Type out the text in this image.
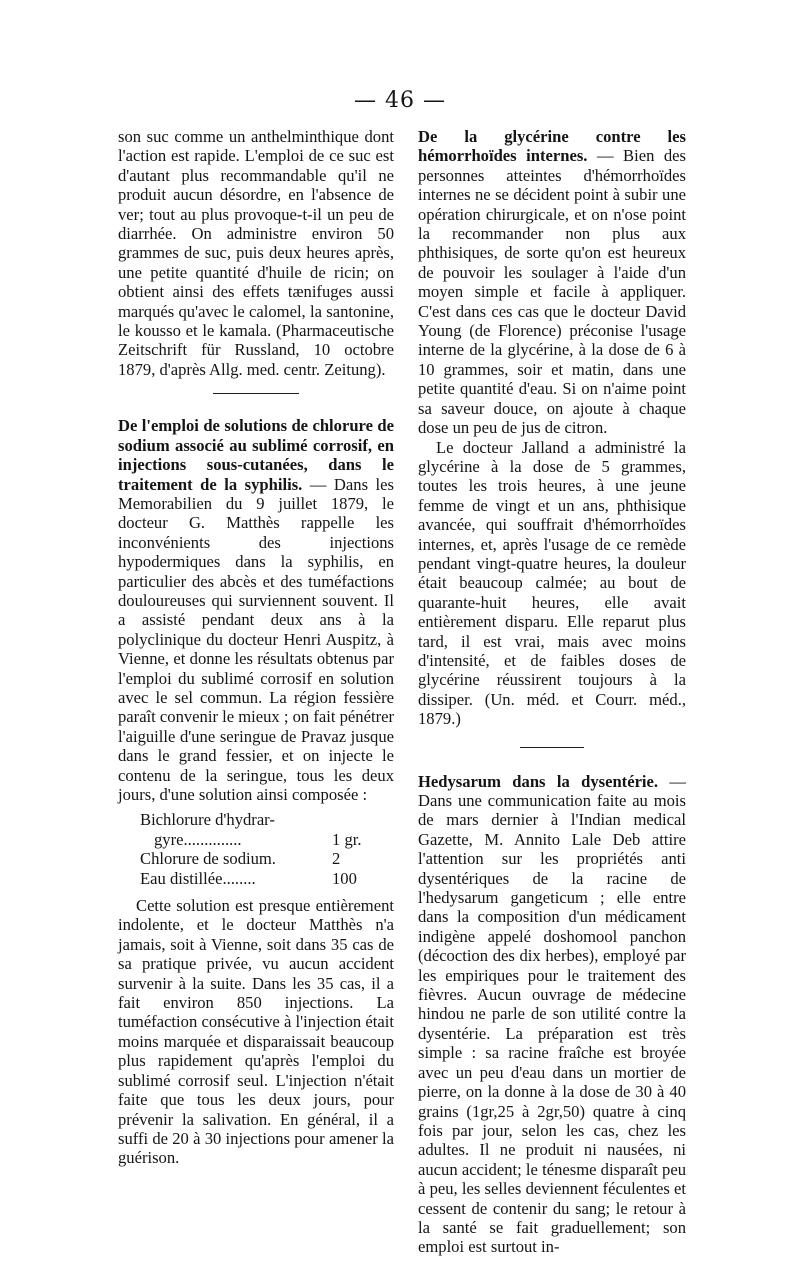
— 46 —

son suc comme un anthelminthique dont l'action est rapide. L'emploi de ce suc est d'autant plus recommandable qu'il ne produit aucun désordre, en l'absence de ver; tout au plus provoque-t-il un peu de diarrhée. On administre environ 50 grammes de suc, puis deux heures après, une petite quantité d'huile de ricin; on obtient ainsi des effets tænifuges aussi marqués qu'avec le calomel, la santonine, le kousso et le kamala. (Pharmaceutische Zeitschrift für Russland, 10 octobre 1879, d'après Allg. med. centr. Zeitung).

De l'emploi de solutions de chlorure de sodium associé au sublimé corrosif, en injections sous-cutanées, dans le traitement de la syphilis. — Dans les Memorabilien du 9 juillet 1879, le docteur G. Matthès rappelle les inconvénients des injections hypodermiques dans la syphilis, en particulier des abcès et des tuméfactions douloureuses qui surviennent souvent. Il a assisté pendant deux ans à la polyclinique du docteur Henri Auspitz, à Vienne, et donne les résultats obtenus par l'emploi du sublimé corrosif en solution avec le sel commun. La région fessière paraît convenir le mieux ; on fait pénétrer l'aiguille d'une seringue de Pravaz jusque dans le grand fessier, et on injecte le contenu de la seringue, tous les deux jours, d'une solution ainsi composée :

Bichlorure d'hydrar-
gyre..............	1 gr.
Chlorure de sodium.	2
Eau distillée........	100

Cette solution est presque entièrement indolente, et le docteur Matthès n'a jamais, soit à Vienne, soit dans 35 cas de sa pratique privée, vu aucun accident survenir à la suite. Dans les 35 cas, il a fait environ 850 injections. La tuméfaction consécutive à l'injection était moins marquée et disparaissait beaucoup plus rapidement qu'après l'emploi du sublimé corrosif seul. L'injection n'était faite que tous les deux jours, pour prévenir la salivation. En général, il a suffi de 20 à 30 injections pour amener la guérison.

De la glycérine contre les hémorrhoïdes internes. — Bien des personnes atteintes d'hémorrhoïdes internes ne se décident point à subir une opération chirurgicale, et on n'ose point la recommander non plus aux phthisiques, de sorte qu'on est heureux de pouvoir les soulager à l'aide d'un moyen simple et facile à appliquer. C'est dans ces cas que le docteur David Young (de Florence) préconise l'usage interne de la glycérine, à la dose de 6 à 10 grammes, soir et matin, dans une petite quantité d'eau. Si on n'aime point sa saveur douce, on ajoute à chaque dose un peu de jus de citron.

Le docteur Jalland a administré la glycérine à la dose de 5 grammes, toutes les trois heures, à une jeune femme de vingt et un ans, phthisique avancée, qui souffrait d'hémorrhoïdes internes, et, après l'usage de ce remède pendant vingt-quatre heures, la douleur était beaucoup calmée; au bout de quarante-huit heures, elle avait entièrement disparu. Elle reparut plus tard, il est vrai, mais avec moins d'intensité, et de faibles doses de glycérine réussirent toujours à la dissiper. (Un. méd. et Courr. méd., 1879.)

Hedysarum dans la dysentérie. — Dans une communication faite au mois de mars dernier à l'Indian medical Gazette, M. Annito Lale Deb attire l'attention sur les propriétés anti dysentériques de la racine de l'hedysarum gangeticum ; elle entre dans la composition d'un médicament indigène appelé doshomool panchon (décoction des dix herbes), employé par les empiriques pour le traitement des fièvres. Aucun ouvrage de médecine hindou ne parle de son utilité contre la dysentérie. La préparation est très simple : sa racine fraîche est broyée avec un peu d'eau dans un mortier de pierre, on la donne à la dose de 30 à 40 grains (1gr,25 à 2gr,50) quatre à cinq fois par jour, selon les cas, chez les adultes. Il ne produit ni nausées, ni aucun accident; le ténesme disparaît peu à peu, les selles deviennent féculentes et cessent de contenir du sang; le retour à la santé se fait graduellement; son emploi est surtout in-
